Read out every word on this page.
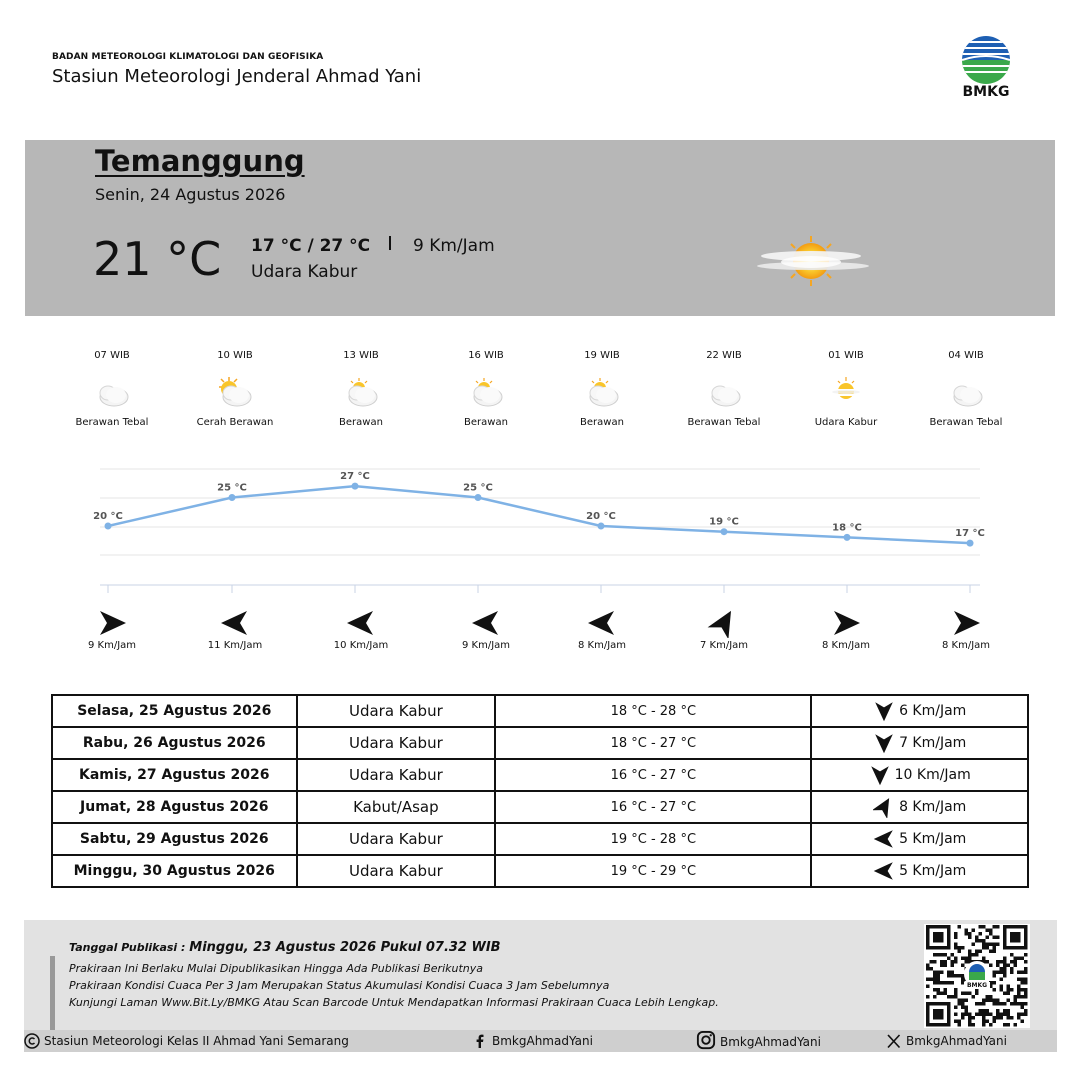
BADAN METEOROLOGI KLIMATOLOGI DAN GEOFISIKA
Stasiun Meteorologi Jenderal Ahmad Yani
BMKG
Temanggung
Senin, 24 Agustus 2026
21 °C 17 °C / 27 °C	9 Km/Jam
Udara Kabur
07 WIB
Berawan Tebal
10 WIB
Cerah Berawan
13 WIB
Berawan
16 WIB
Berawan
19 WIB
Berawan
22 WIB
Berawan Tebal
01 WIB
Udara Kabur
04 WIB
Berawan Tebal
20 °C
25 °C
27 °C
25 °C
20 °C
19 °C
18 °C
17 °C
9 Km/Jam	11 Km/Jam	10 Km/Jam	9 Km/Jam	8 Km/Jam	7 Km/Jam	8 Km/Jam	8 Km/Jam
Selasa, 25 Agustus 2026	Udara Kabur	18 °C - 28 °C	6 Km/Jam
Rabu, 26 Agustus 2026	Udara Kabur	18 °C - 27 °C	7 Km/Jam
Kamis, 27 Agustus 2026	Udara Kabur	16 °C - 27 °C	10 Km/Jam
Jumat, 28 Agustus 2026	Kabut/Asap	16 °C - 27 °C	8 Km/Jam
Sabtu, 29 Agustus 2026	Udara Kabur	19 °C - 28 °C	5 Km/Jam
Minggu, 30 Agustus 2026	Udara Kabur	19 °C - 29 °C	5 Km/Jam
Tanggal Publikasi : Minggu, 23 Agustus 2026 Pukul 07.32 WIB
Prakiraan Ini Berlaku Mulai Dipublikasikan Hingga Ada Publikasi Berikutnya
Prakiraan Kondisi Cuaca Per 3 Jam Merupakan Status Akumulasi Kondisi Cuaca 3 Jam Sebelumnya
Kunjungi Laman Www.Bit.Ly/BMKG Atau Scan Barcode Untuk Mendapatkan Informasi Prakiraan Cuaca Lebih Lengkap.
BMKG
Stasiun Meteorologi Kelas II Ahmad Yani Semarang	BmkgAhmadYani	BmkgAhmadYani	BmkgAhmadYani
